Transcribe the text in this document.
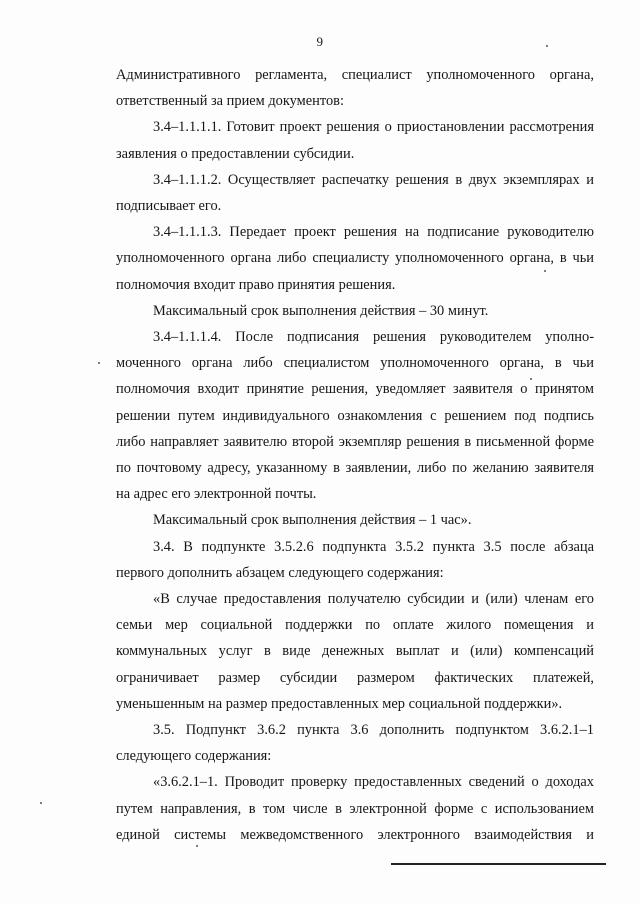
9
Административного регламента, специалист уполномоченного органа,
ответственный за прием документов:
3.4–1.1.1.1. Готовит проект решения о приостановлении рассмотрения
заявления о предоставлении субсидии.
3.4–1.1.1.2. Осуществляет распечатку решения в двух экземплярах и
подписывает его.
3.4–1.1.1.3. Передает проект решения на подписание руководителю
уполномоченного органа либо специалисту уполномоченного органа, в чьи
полномочия входит право принятия решения.
Максимальный срок выполнения действия – 30 минут.
3.4–1.1.1.4. После подписания решения руководителем уполно-
моченного органа либо специалистом уполномоченного органа, в чьи
полномочия входит принятие решения, уведомляет заявителя о принятом
решении путем индивидуального ознакомления с решением под подпись
либо направляет заявителю второй экземпляр решения в письменной форме
по почтовому адресу, указанному в заявлении, либо по желанию заявителя
на адрес его электронной почты.
Максимальный срок выполнения действия – 1 час».
3.4. В подпункте 3.5.2.6 подпункта 3.5.2 пункта 3.5 после абзаца
первого дополнить абзацем следующего содержания:
«В случае предоставления получателю субсидии и (или) членам его
семьи мер социальной поддержки по оплате жилого помещения и
коммунальных услуг в виде денежных выплат и (или) компенсаций
ограничивает размер субсидии размером фактических платежей,
уменьшенным на размер предоставленных мер социальной поддержки».
3.5. Подпункт 3.6.2 пункта 3.6 дополнить подпунктом 3.6.2.1–1
следующего содержания:
«3.6.2.1–1. Проводит проверку предоставленных сведений о доходах
путем направления, в том числе в электронной форме с использованием
единой системы межведомственного электронного взаимодействия и
